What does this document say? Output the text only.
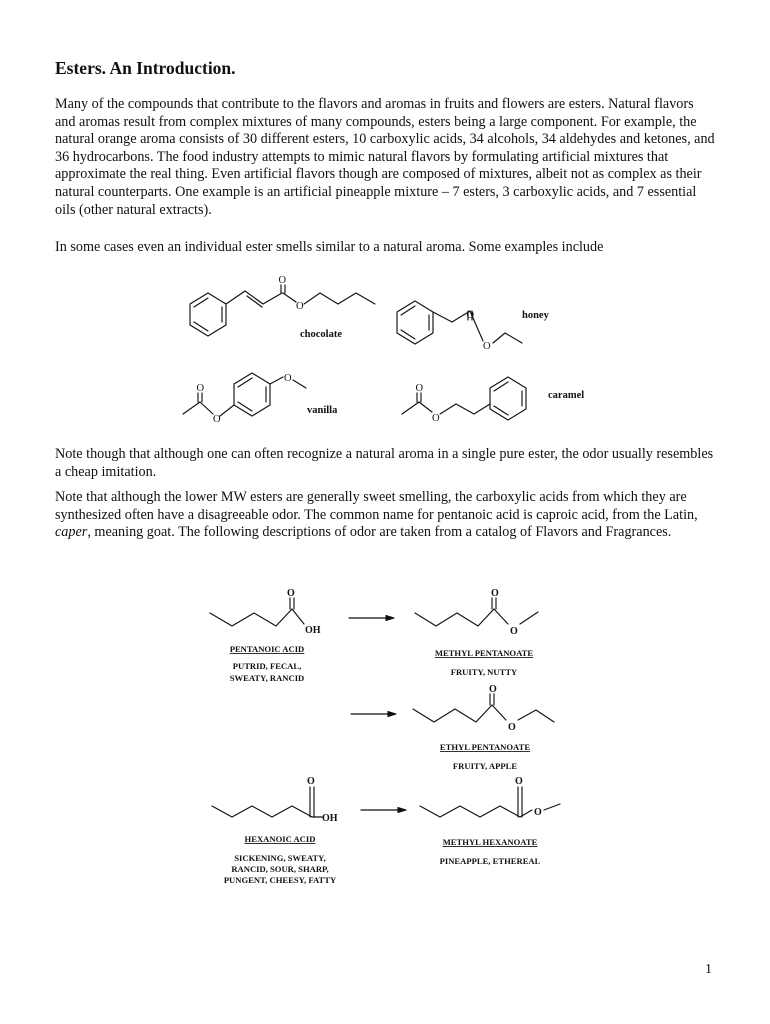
Esters. An Introduction.

Many of the compounds that contribute to the flavors and aromas in fruits and flowers are esters. Natural flavors and aromas result from complex mixtures of many compounds, esters being a large component. For example, the natural orange aroma consists of 30 different esters, 10 carboxylic acids, 34 alcohols, 34 aldehydes and ketones, and 36 hydrocarbons. The food industry attempts to mimic natural flavors by formulating artificial mixtures that approximate the real thing. Even artificial flavors though are composed of mixtures, albeit not as complex as their natural counterparts. One example is an artificial pineapple mixture – 7 esters, 3 carboxylic acids, and 7 essential oils (other natural extracts).

In some cases even an individual ester smells similar to a natural aroma. Some examples include

Note though that although one can often recognize a natural aroma in a single pure ester, the odor usually resembles a cheap imitation.

Note that although the lower MW esters are generally sweet smelling, the carboxylic acids from which they are synthesized often have a disagreeable odor. The common name for pentanoic acid is caproic acid, from the Latin, caper, meaning goat. The following descriptions of odor are taken from a catalog of Flavors and Fragrances.

O
O
chocolate
O
O
honey
O
O
O
vanilla
O
O
caramel
O
OH
PENTANOIC ACID
PUTRID, FECAL,
SWEATY, RANCID
O
O
METHYL PENTANOATE
FRUITY, NUTTY
O
O
ETHYL PENTANOATE
FRUITY, APPLE
O
OH
HEXANOIC ACID
SICKENING, SWEATY,
RANCID, SOUR, SHARP,
PUNGENT, CHEESY, FATTY
O
O
METHYL HEXANOATE
PINEAPPLE, ETHEREAL
1
